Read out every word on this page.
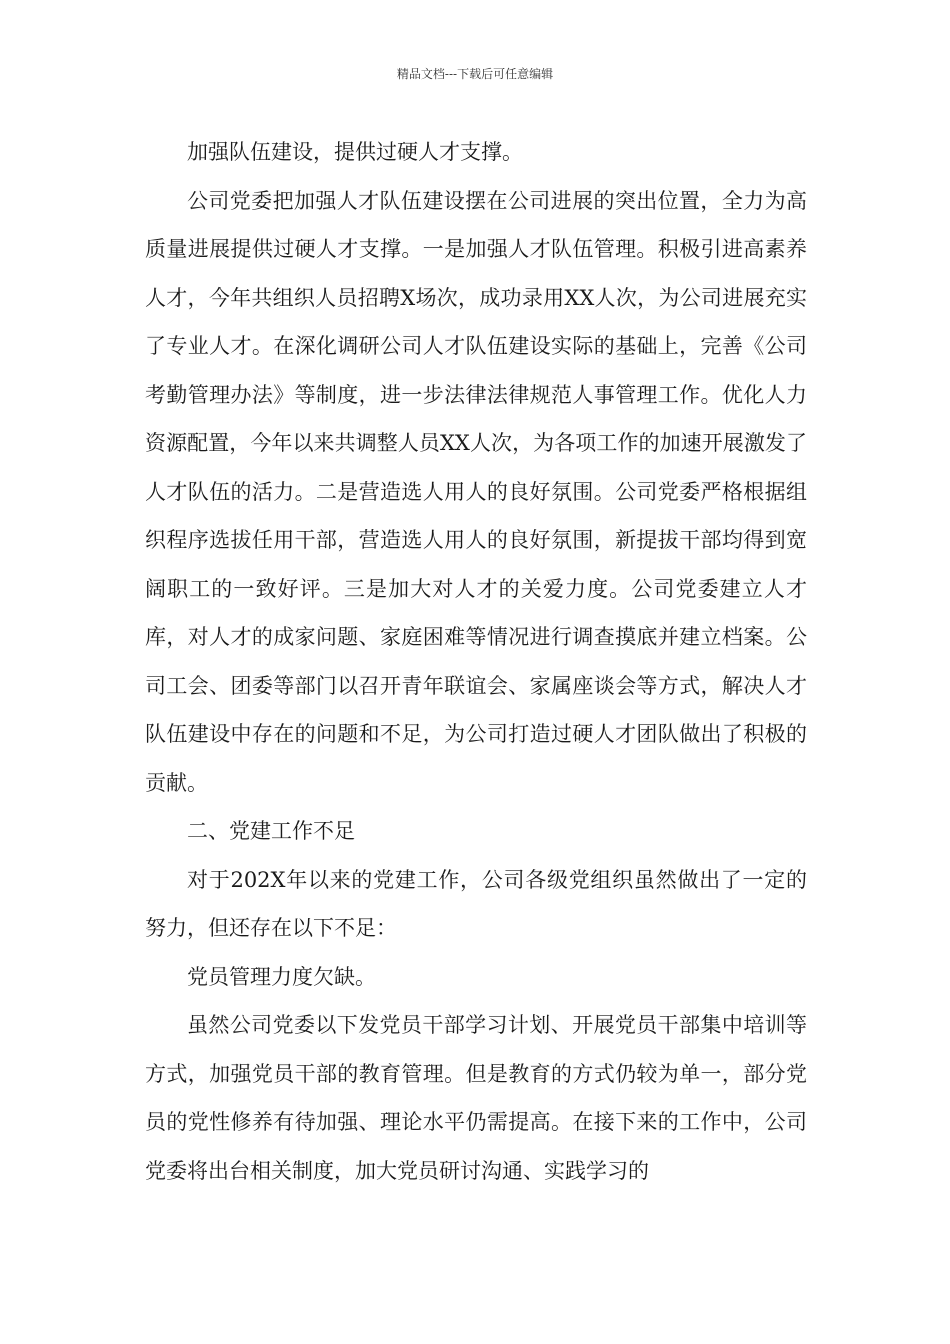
精品文档---下载后可任意编辑

加强队伍建设，提供过硬人才支撑。

公司党委把加强人才队伍建设摆在公司进展的突出位置，全力为高质量进展提供过硬人才支撑。一是加强人才队伍管理。积极引进高素养人才，今年共组织人员招聘X场次，成功录用XX人次，为公司进展充实了专业人才。在深化调研公司人才队伍建设实际的基础上，完善《公司考勤管理办法》等制度，进一步法律法律规范人事管理工作。优化人力资源配置，今年以来共调整人员XX人次，为各项工作的加速开展激发了人才队伍的活力。二是营造选人用人的良好氛围。公司党委严格根据组织程序选拔任用干部，营造选人用人的良好氛围，新提拔干部均得到宽阔职工的一致好评。三是加大对人才的关爱力度。公司党委建立人才库，对人才的成家问题、家庭困难等情况进行调查摸底并建立档案。公司工会、团委等部门以召开青年联谊会、家属座谈会等方式，解决人才队伍建设中存在的问题和不足，为公司打造过硬人才团队做出了积极的贡献。

二、党建工作不足

对于202X年以来的党建工作，公司各级党组织虽然做出了一定的努力，但还存在以下不足：

党员管理力度欠缺。

虽然公司党委以下发党员干部学习计划、开展党员干部集中培训等方式，加强党员干部的教育管理。但是教育的方式仍较为单一，部分党员的党性修养有待加强、理论水平仍需提高。在接下来的工作中，公司党委将出台相关制度，加大党员研讨沟通、实践学习的
